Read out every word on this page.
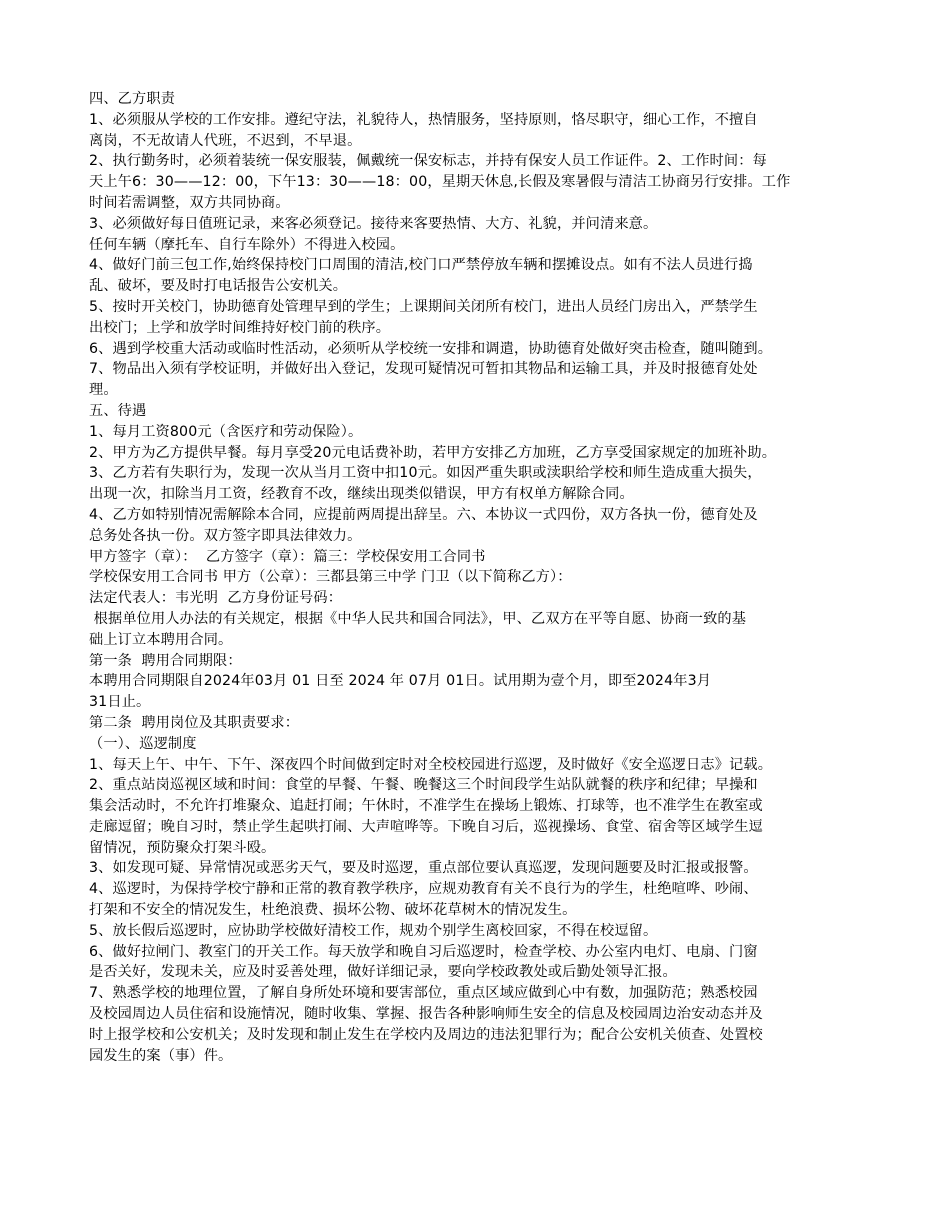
四、乙方职责
1、必须服从学校的工作安排。遵纪守法，礼貌待人，热情服务，坚持原则，恪尽职守，细心工作，不擅自
离岗，不无故请人代班，不迟到，不早退。
2、执行勤务时，必须着装统一保安服装，佩戴统一保安标志，并持有保安人员工作证件。2、工作时间：每
天上午6：30——12：00，下午13：30——18：00，星期天休息,长假及寒暑假与清洁工协商另行安排。工作
时间若需调整，双方共同协商。
3、必须做好每日值班记录，来客必须登记。接待来客要热情、大方、礼貌，并问清来意。
任何车辆（摩托车、自行车除外）不得进入校园。
4、做好门前三包工作,始终保持校门口周围的清洁,校门口严禁停放车辆和摆摊设点。如有不法人员进行捣
乱、破坏，要及时打电话报告公安机关。
5、按时开关校门，协助德育处管理早到的学生；上课期间关闭所有校门，进出人员经门房出入，严禁学生
出校门；上学和放学时间维持好校门前的秩序。
6、遇到学校重大活动或临时性活动，必须听从学校统一安排和调遣，协助德育处做好突击检查，随叫随到。
7、物品出入须有学校证明，并做好出入登记，发现可疑情况可暂扣其物品和运输工具，并及时报德育处处
理。
五、待遇
1、每月工资800元（含医疗和劳动保险）。
2、甲方为乙方提供早餐。每月享受20元电话费补助，若甲方安排乙方加班，乙方享受国家规定的加班补助。
3、乙方若有失职行为，发现一次从当月工资中扣10元。如因严重失职或渎职给学校和师生造成重大损失，
出现一次，扣除当月工资，经教育不改，继续出现类似错误，甲方有权单方解除合同。
4、乙方如特别情况需解除本合同，应提前两周提出辞呈。六、本协议一式四份，双方各执一份，德育处及
总务处各执一份。双方签字即具法律效力。
甲方签字（章）：  乙方签字（章）：篇三：学校保安用工合同书
学校保安用工合同书 甲方（公章）：三都县第三中学 门卫（以下简称乙方）：
法定代表人：韦光明  乙方身份证号码：
根据单位用人办法的有关规定，根据《中华人民共和国合同法》，甲、乙双方在平等自愿、协商一致的基
础上订立本聘用合同。
第一条  聘用合同期限：
本聘用合同期限自2024年03月 01 日至 2024 年 07月 01日。试用期为壹个月，即至2024年3月
31日止。
第二条  聘用岗位及其职责要求：
（一）、巡逻制度
1、每天上午、中午、下午、深夜四个时间做到定时对全校校园进行巡逻，及时做好《安全巡逻日志》记载。
2、重点站岗巡视区域和时间：食堂的早餐、午餐、晚餐这三个时间段学生站队就餐的秩序和纪律；早操和
集会活动时，不允许打堆聚众、追赶打闹；午休时，不准学生在操场上锻炼、打球等，也不准学生在教室或
走廊逗留；晚自习时，禁止学生起哄打闹、大声喧哗等。下晚自习后，巡视操场、食堂、宿舍等区域学生逗
留情况，预防聚众打架斗殴。
3、如发现可疑、异常情况或恶劣天气，要及时巡逻，重点部位要认真巡逻，发现问题要及时汇报或报警。
4、巡逻时，为保持学校宁静和正常的教育教学秩序，应规劝教育有关不良行为的学生，杜绝喧哗、吵闹、
打架和不安全的情况发生，杜绝浪费、损坏公物、破坏花草树木的情况发生。
5、放长假后巡逻时，应协助学校做好清校工作，规劝个别学生离校回家，不得在校逗留。
6、做好拉闸门、教室门的开关工作。每天放学和晚自习后巡逻时，检查学校、办公室内电灯、电扇、门窗
是否关好，发现未关，应及时妥善处理，做好详细记录，要向学校政教处或后勤处领导汇报。
7、熟悉学校的地理位置，了解自身所处环境和要害部位，重点区域应做到心中有数，加强防范；熟悉校园
及校园周边人员住宿和设施情况，随时收集、掌握、报告各种影响师生安全的信息及校园周边治安动态并及
时上报学校和公安机关；及时发现和制止发生在学校内及周边的违法犯罪行为；配合公安机关侦查、处置校
园发生的案（事）件。
